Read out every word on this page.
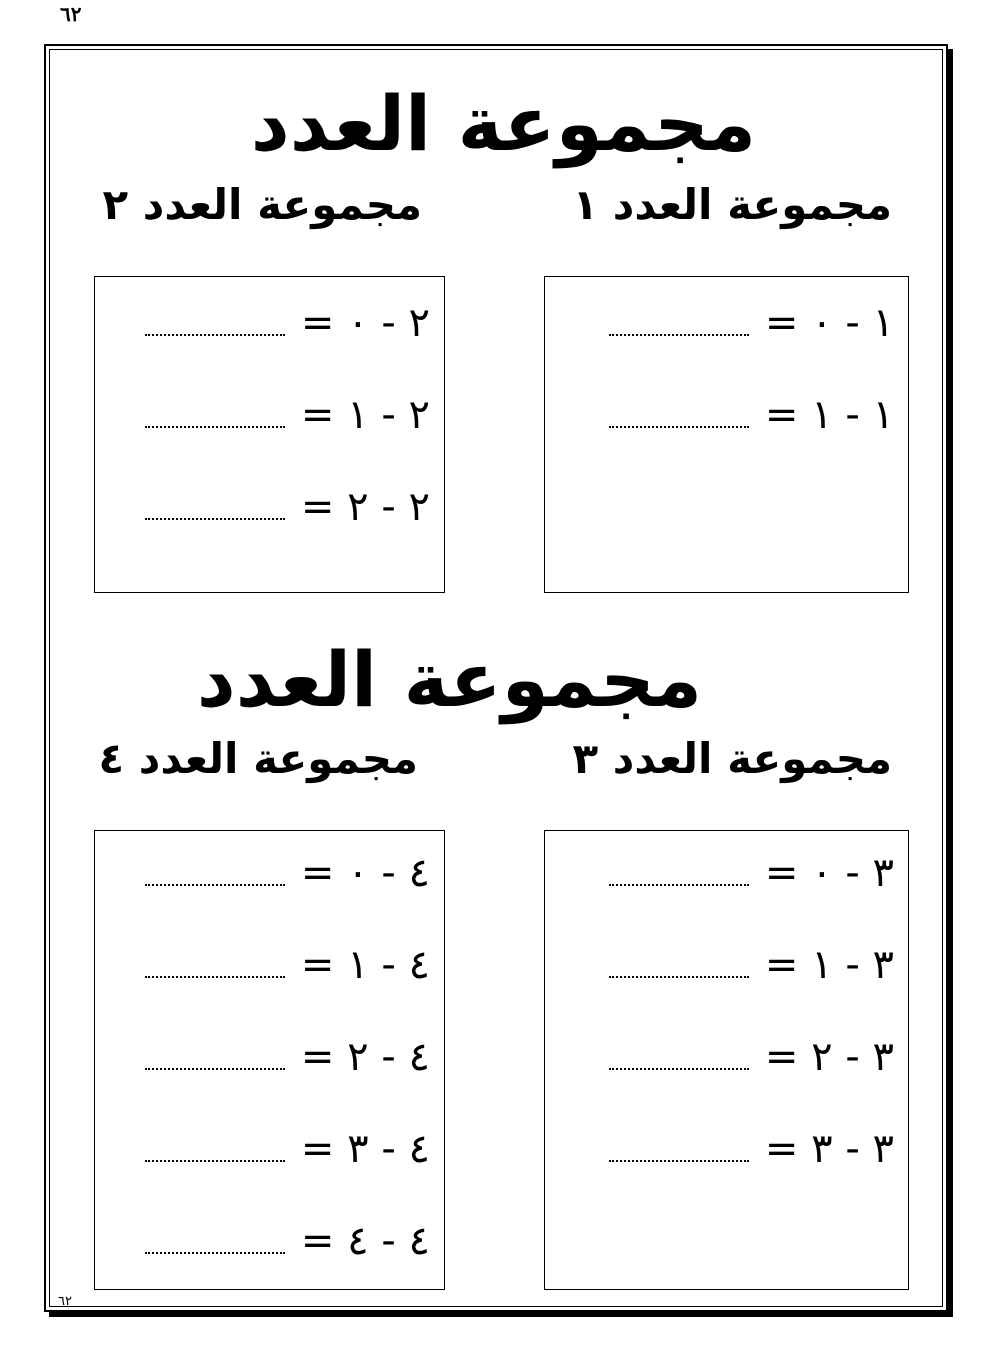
٦٢
٦٢
مجموعة العدد
مجموعة العدد ١
مجموعة العدد ٢
١ - ٠ =
١ - ١ =
٢ - ٠ =
٢ - ١ =
٢ - ٢ =
مجموعة العدد
مجموعة العدد ٣
مجموعة العدد ٤
٣ - ٠ =
٣ - ١ =
٣ - ٢ =
٣ - ٣ =
٤ - ٠ =
٤ - ١ =
٤ - ٢ =
٤ - ٣ =
٤ - ٤ =
